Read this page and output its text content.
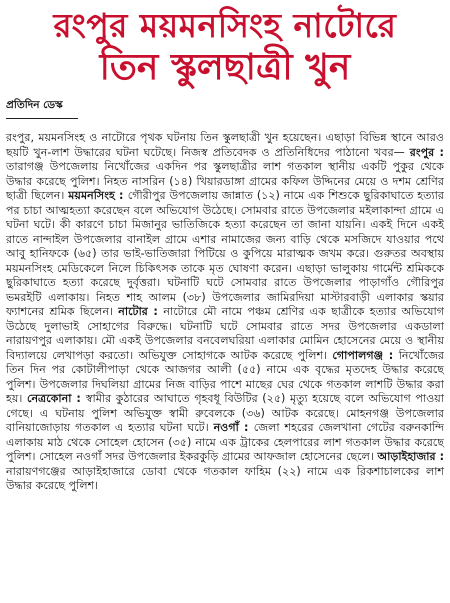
রংপুর ময়মনসিংহ নাটোরে
তিন স্কুলছাত্রী খুন
প্রতিদিন ডেস্ক
রংপুর, ময়মনসিংহ ও নাটোরে পৃথক ঘটনায় তিন স্কুলছাত্রী খুন হয়েছেন। এছাড়া বিভিন্ন স্থানে আরও ছয়টি খুন-লাশ উদ্ধারের ঘটনা ঘটেছে। নিজস্ব প্রতিবেদক ও প্রতিনিধিদের পাঠানো খবর— রংপুর : তারাগঞ্জ উপজেলায় নিখোঁজের একদিন পর স্কুলছাত্রীর লাশ গতকাল স্থানীয় একটি পুকুর থেকে উদ্ধার করেছে পুলিশ। নিহত নাসরিন (১৪) খিয়ারডাঙ্গা গ্রামের কফিল উদ্দিনের মেয়ে ও দশম শ্রেণির ছাত্রী ছিলেন। ময়মনসিংহ : গৌরীপুর উপজেলায় জান্নাত (১২) নামে এক শিশুকে ছুরিকাঘাতে হত্যার পর চাচা আত্মহত্যা করেছেন বলে অভিযোগ উঠেছে। সোমবার রাতে উপজেলার মইলাকান্দা গ্রামে এ ঘটনা ঘটে। কী কারণে চাচা মিজানুর ভাতিজিকে হত্যা করেছেন তা জানা যায়নি। একই দিনে একই রাতে নান্দাইল উপজেলার বানাইল গ্রামে এশার নামাজের জন্য বাড়ি থেকে মসজিদে যাওয়ার পথে আবু হানিফকে (৬৫) তার ভাই-ভাতিজারা পিটিয়ে ও কুপিয়ে মারাত্মক জখম করে। গুরুতর অবস্থায় ময়মনসিংহ মেডিকেলে নিলে চিকিৎসক তাকে মৃত ঘোষণা করেন। এছাড়া ভালুকায় গার্মেন্ট শ্রমিককে ছুরিকাঘাতে হত্যা করেছে দুর্বৃত্তরা। ঘটনাটি ঘটে সোমবার রাতে উপজেলার পাড়াগাঁও গৌরিপুর ভমরইটি এলাকায়। নিহত শাহ আলম (৩৮) উপজেলার জামিরদিয়া মাস্টারবাড়ী এলাকার স্কয়ার ফ্যাশনের শ্রমিক ছিলেন। নাটোর : নাটোরে মৌ নামে পঞ্চম শ্রেণির এক ছাত্রীকে হত্যার অভিযোগ উঠেছে দুলাভাই সোহাগের বিরুদ্ধে। ঘটনাটি ঘটে সোমবার রাতে সদর উপজেলার একডালা নারায়ণপুর এলাকায়। মৌ একই উপজেলার বনবেলঘরিয়া এলাকার মোমিন হোসেনের মেয়ে ও স্থানীয় বিদ্যালয়ে লেখাপড়া করতো। অভিযুক্ত সোহাগকে আটক করেছে পুলিশ। গোপালগঞ্জ : নিখোঁজের তিন দিন পর কোটালীপাড়া থেকে আজগর আলী (৫৫) নামে এক বৃদ্ধের মৃতদেহ উদ্ধার করেছে পুলিশ। উপজেলার দিঘলিয়া গ্রামের নিজ বাড়ির পাশে মাছের ঘের থেকে গতকাল লাশটি উদ্ধার করা হয়। নেত্রকোনা : স্বামীর কুঠারের আঘাতে গৃহবধূ বিউটির (২৫) মৃত্যু হয়েছে বলে অভিযোগ পাওয়া গেছে। এ ঘটনায় পুলিশ অভিযুক্ত স্বামী রুবেলকে (৩৬) আটক করেছে। মোহনগঞ্জ উপজেলার বানিয়াজোড়ায় গতকাল এ হত্যার ঘটনা ঘটে। নওগাঁ : জেলা শহরের জেলখানা গেটের বরুনকান্দি এলাকায় মাঠ থেকে সোহেল হোসেন (৩৫) নামে এক ট্রাকের হেলপারের লাশ গতকাল উদ্ধার করেছে পুলিশ। সোহেল নওগাঁ সদর উপজেলার ইকরকুড়ি গ্রামের আফজাল হোসেনের ছেলে। আড়াইহাজার : নারায়ণগঞ্জের আড়াইহাজারে ডোবা থেকে গতকাল ফাহিম (২২) নামে এক রিকশাচালকের লাশ উদ্ধার করেছে পুলিশ।
